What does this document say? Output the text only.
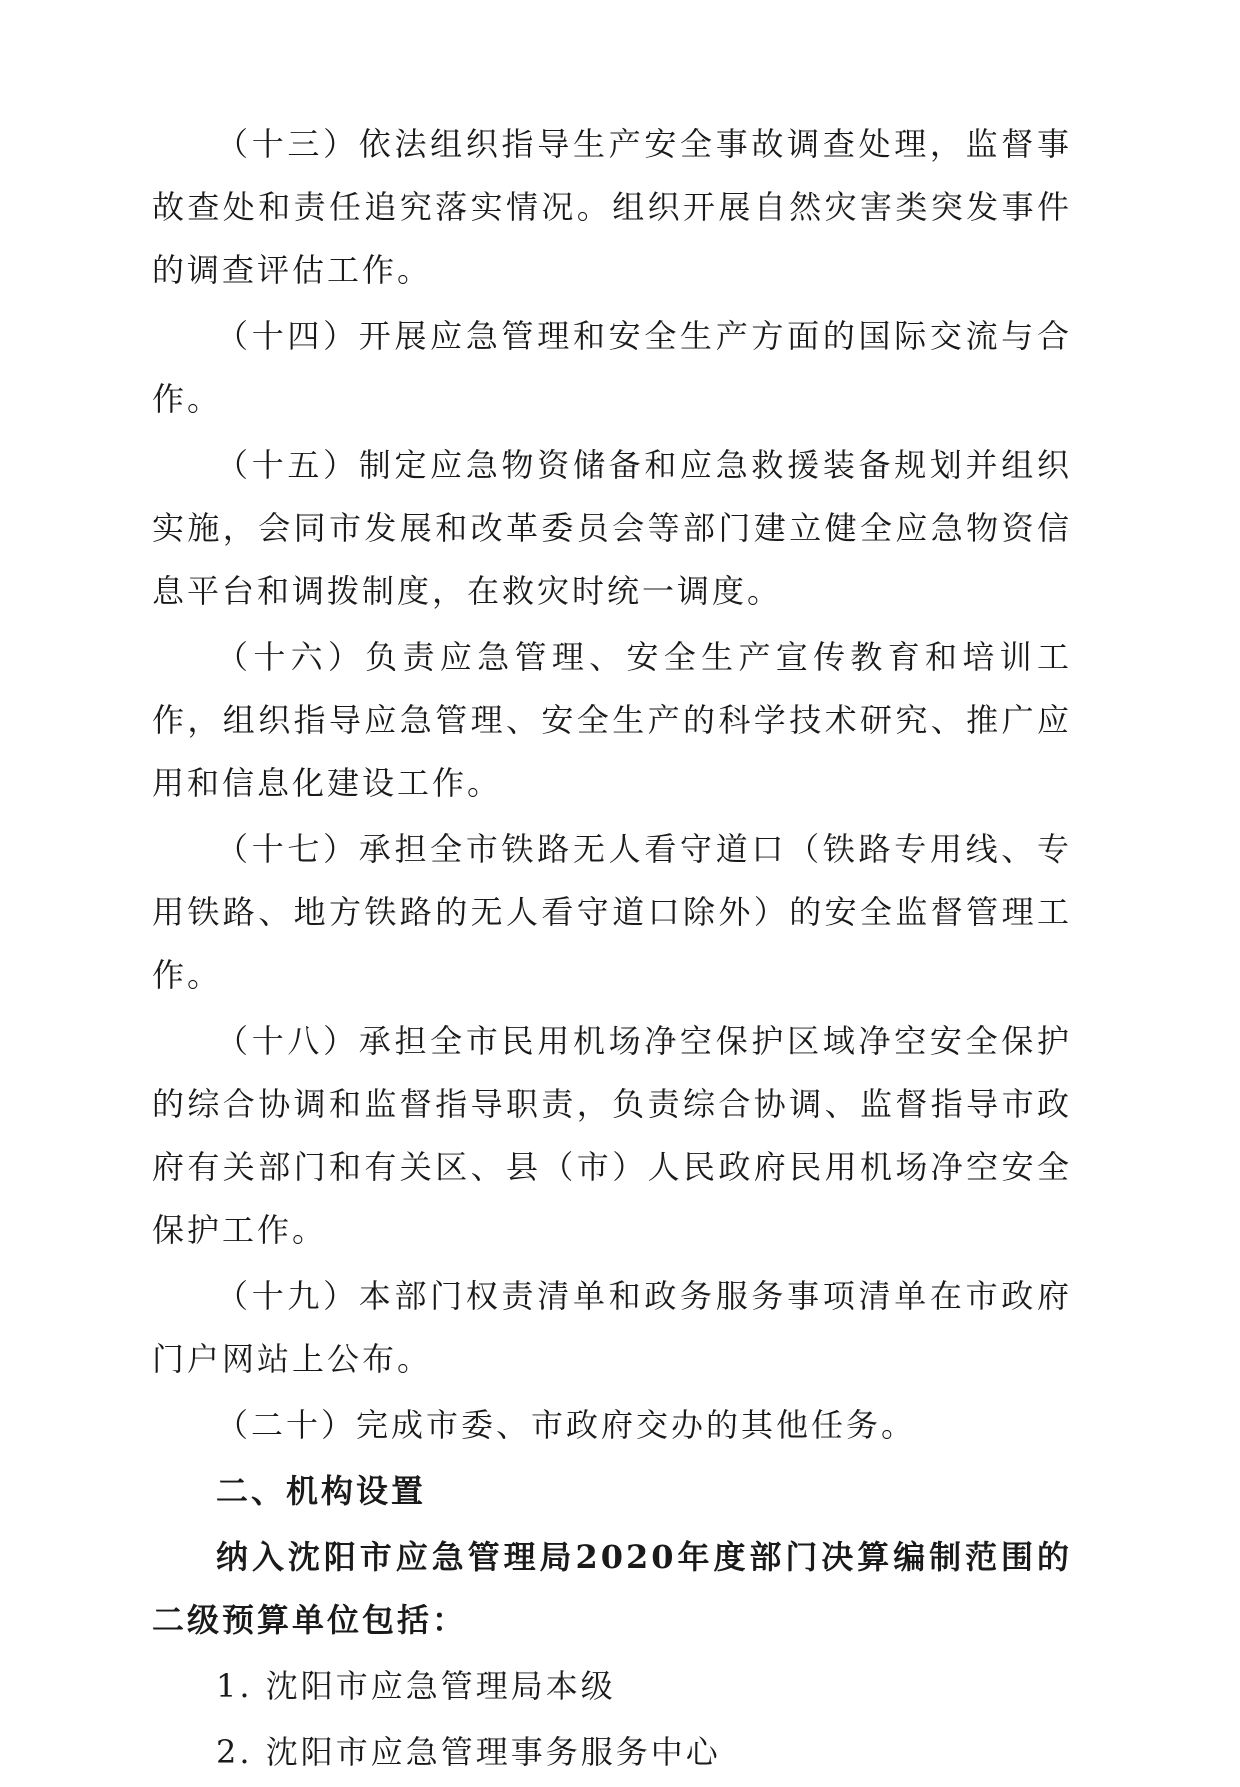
（十三）依法组织指导生产安全事故调查处理，监督事故查处和责任追究落实情况。组织开展自然灾害类突发事件的调查评估工作。

（十四）开展应急管理和安全生产方面的国际交流与合作。

（十五）制定应急物资储备和应急救援装备规划并组织实施，会同市发展和改革委员会等部门建立健全应急物资信息平台和调拨制度，在救灾时统一调度。

（十六）负责应急管理、安全生产宣传教育和培训工作，组织指导应急管理、安全生产的科学技术研究、推广应用和信息化建设工作。

（十七）承担全市铁路无人看守道口（铁路专用线、专用铁路、地方铁路的无人看守道口除外）的安全监督管理工作。

（十八）承担全市民用机场净空保护区域净空安全保护的综合协调和监督指导职责，负责综合协调、监督指导市政府有关部门和有关区、县（市）人民政府民用机场净空安全保护工作。

（十九）本部门权责清单和政务服务事项清单在市政府门户网站上公布。

（二十）完成市委、市政府交办的其他任务。

二、机构设置

纳入沈阳市应急管理局2020年度部门决算编制范围的二级预算单位包括：

1. 沈阳市应急管理局本级

2. 沈阳市应急管理事务服务中心
